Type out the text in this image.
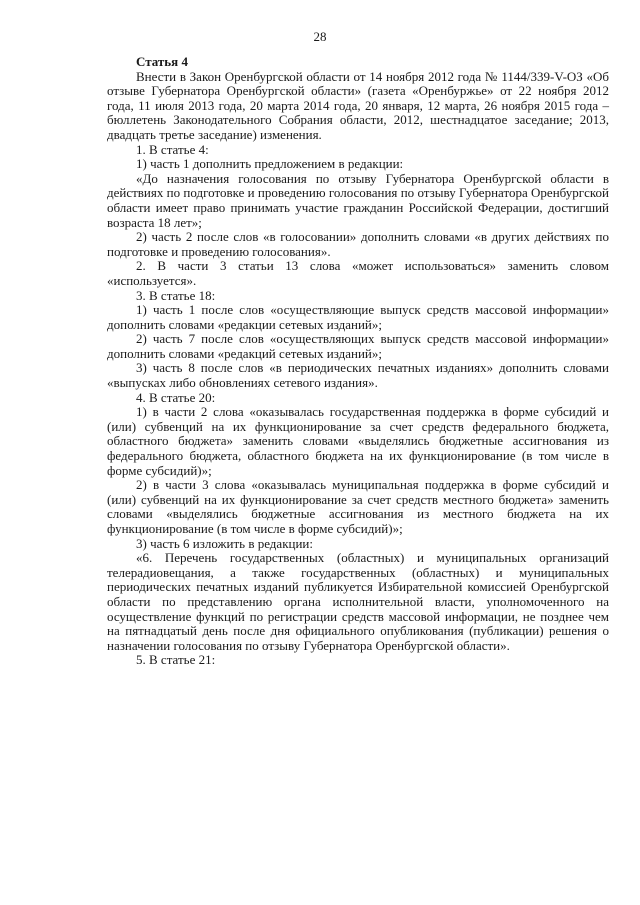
28

Статья 4

Внести в Закон Оренбургской области от 14 ноября 2012 года № 1144/339-V-ОЗ «Об отзыве Губернатора Оренбургской области» (газета «Оренбуржье» от 22 ноября 2012 года, 11 июля 2013 года, 20 марта 2014 года, 20 января, 12 марта, 26 ноября 2015 года – бюллетень Законодательного Собрания области, 2012, шестнадцатое заседание; 2013, двадцать третье заседание) изменения.

1. В статье 4:

1) часть 1 дополнить предложением в редакции:

«До назначения голосования по отзыву Губернатора Оренбургской области в действиях по подготовке и проведению голосования по отзыву Губернатора Оренбургской области имеет право принимать участие гражданин Российской Федерации, достигший возраста 18 лет»;

2) часть 2 после слов «в голосовании» дополнить словами «в других действиях по подготовке и проведению голосования».

2. В части 3 статьи 13 слова «может использоваться» заменить словом «используется».

3. В статье 18:

1) часть 1 после слов «осуществляющие выпуск средств массовой информации» дополнить словами «редакции сетевых изданий»;

2) часть 7 после слов «осуществляющих выпуск средств массовой информации» дополнить словами «редакций сетевых изданий»;

3) часть 8 после слов «в периодических печатных изданиях» дополнить словами «выпусках либо обновлениях сетевого издания».

4. В статье 20:

1) в части 2 слова «оказывалась государственная поддержка в форме субсидий и (или) субвенций на их функционирование за счет средств федерального бюджета, областного бюджета» заменить словами «выделялись бюджетные ассигнования из федерального бюджета, областного бюджета на их функционирование (в том числе в форме субсидий)»;

2) в части 3 слова «оказывалась муниципальная поддержка в форме субсидий и (или) субвенций на их функционирование за счет средств местного бюджета» заменить словами «выделялись бюджетные ассигнования из местного бюджета на их функционирование (в том числе в форме субсидий)»;

3) часть 6 изложить в редакции:

«6. Перечень государственных (областных) и муниципальных организаций телерадиовещания, а также государственных (областных) и муниципальных периодических печатных изданий публикуется Избирательной комиссией Оренбургской области по представлению органа исполнительной власти, уполномоченного на осуществление функций по регистрации средств массовой информации, не позднее чем на пятнадцатый день после дня официального опубликования (публикации) решения о назначении голосования по отзыву Губернатора Оренбургской области».

5. В статье 21:
